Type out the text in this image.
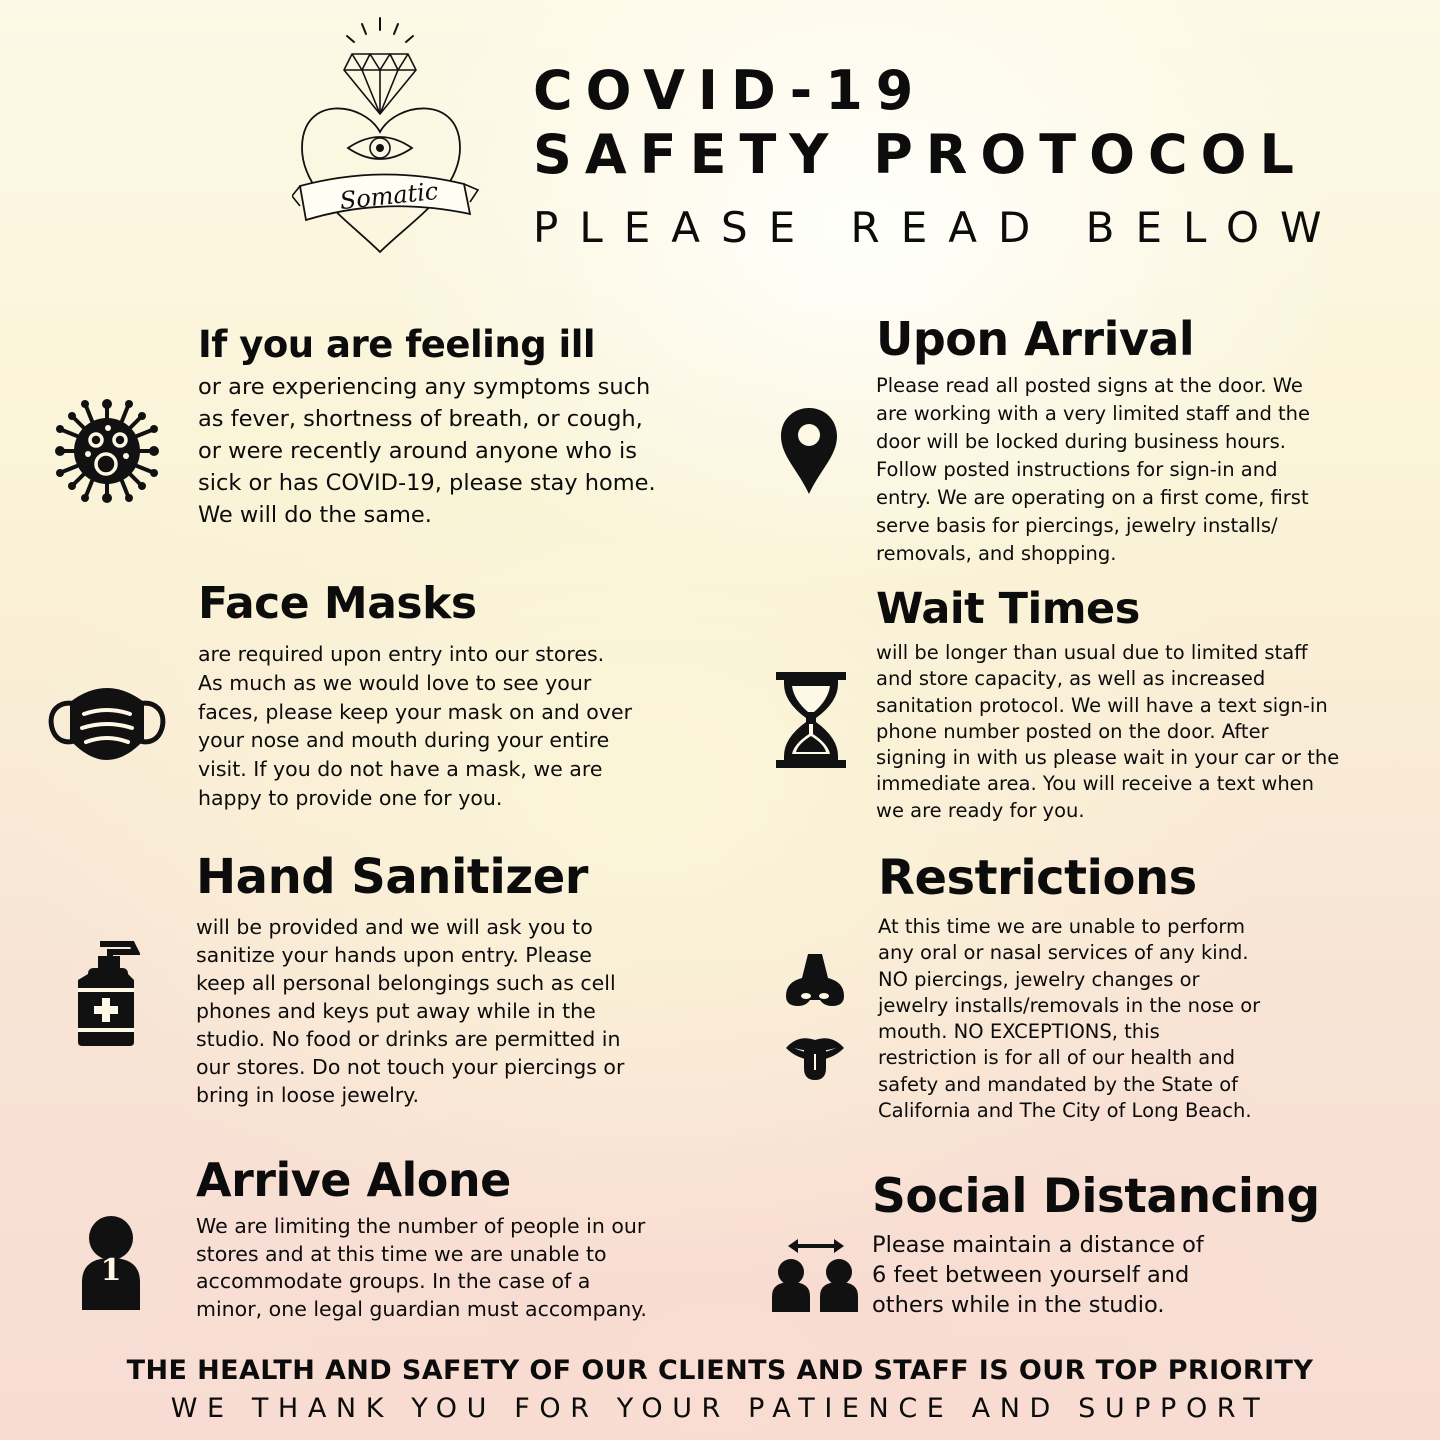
Somatic
COVID-19
SAFETY PROTOCOL
PLEASE READ BELOW
If you are feeling ill

or are experiencing any symptoms such
as fever, shortness of breath, or cough,
or were recently around anyone who is
sick or has COVID-19, please stay home.
We will do the same.

Face Masks

are required upon entry into our stores.
As much as we would love to see your
faces, please keep your mask on and over
your nose and mouth during your entire
visit. If you do not have a mask, we are
happy to provide one for you.

Hand Sanitizer

will be provided and we will ask you to
sanitize your hands upon entry. Please
keep all personal belongings such as cell
phones and keys put away while in the
studio. No food or drinks are permitted in
our stores. Do not touch your piercings or
bring in loose jewelry.

1
Arrive Alone

We are limiting the number of people in our
stores and at this time we are unable to
accommodate groups. In the case of a
minor, one legal guardian must accompany.

Upon Arrival

Please read all posted signs at the door. We
are working with a very limited staff and the
door will be locked during business hours.
Follow posted instructions for sign-in and
entry. We are operating on a first come, first
serve basis for piercings, jewelry installs/
removals, and shopping.

Wait Times

will be longer than usual due to limited staff
and store capacity, as well as increased
sanitation protocol. We will have a text sign-in
phone number posted on the door. After
signing in with us please wait in your car or the
immediate area. You will receive a text when
we are ready for you.

Restrictions

At this time we are unable to perform
any oral or nasal services of any kind.
NO piercings, jewelry changes or
jewelry installs/removals in the nose or
mouth. NO EXCEPTIONS, this
restriction is for all of our health and
safety and mandated by the State of
California and The City of Long Beach.

Social Distancing

Please maintain a distance of
6 feet between yourself and
others while in the studio.

THE HEALTH AND SAFETY OF OUR CLIENTS AND STAFF IS OUR TOP PRIORITY
WE THANK YOU FOR YOUR PATIENCE AND SUPPORT
